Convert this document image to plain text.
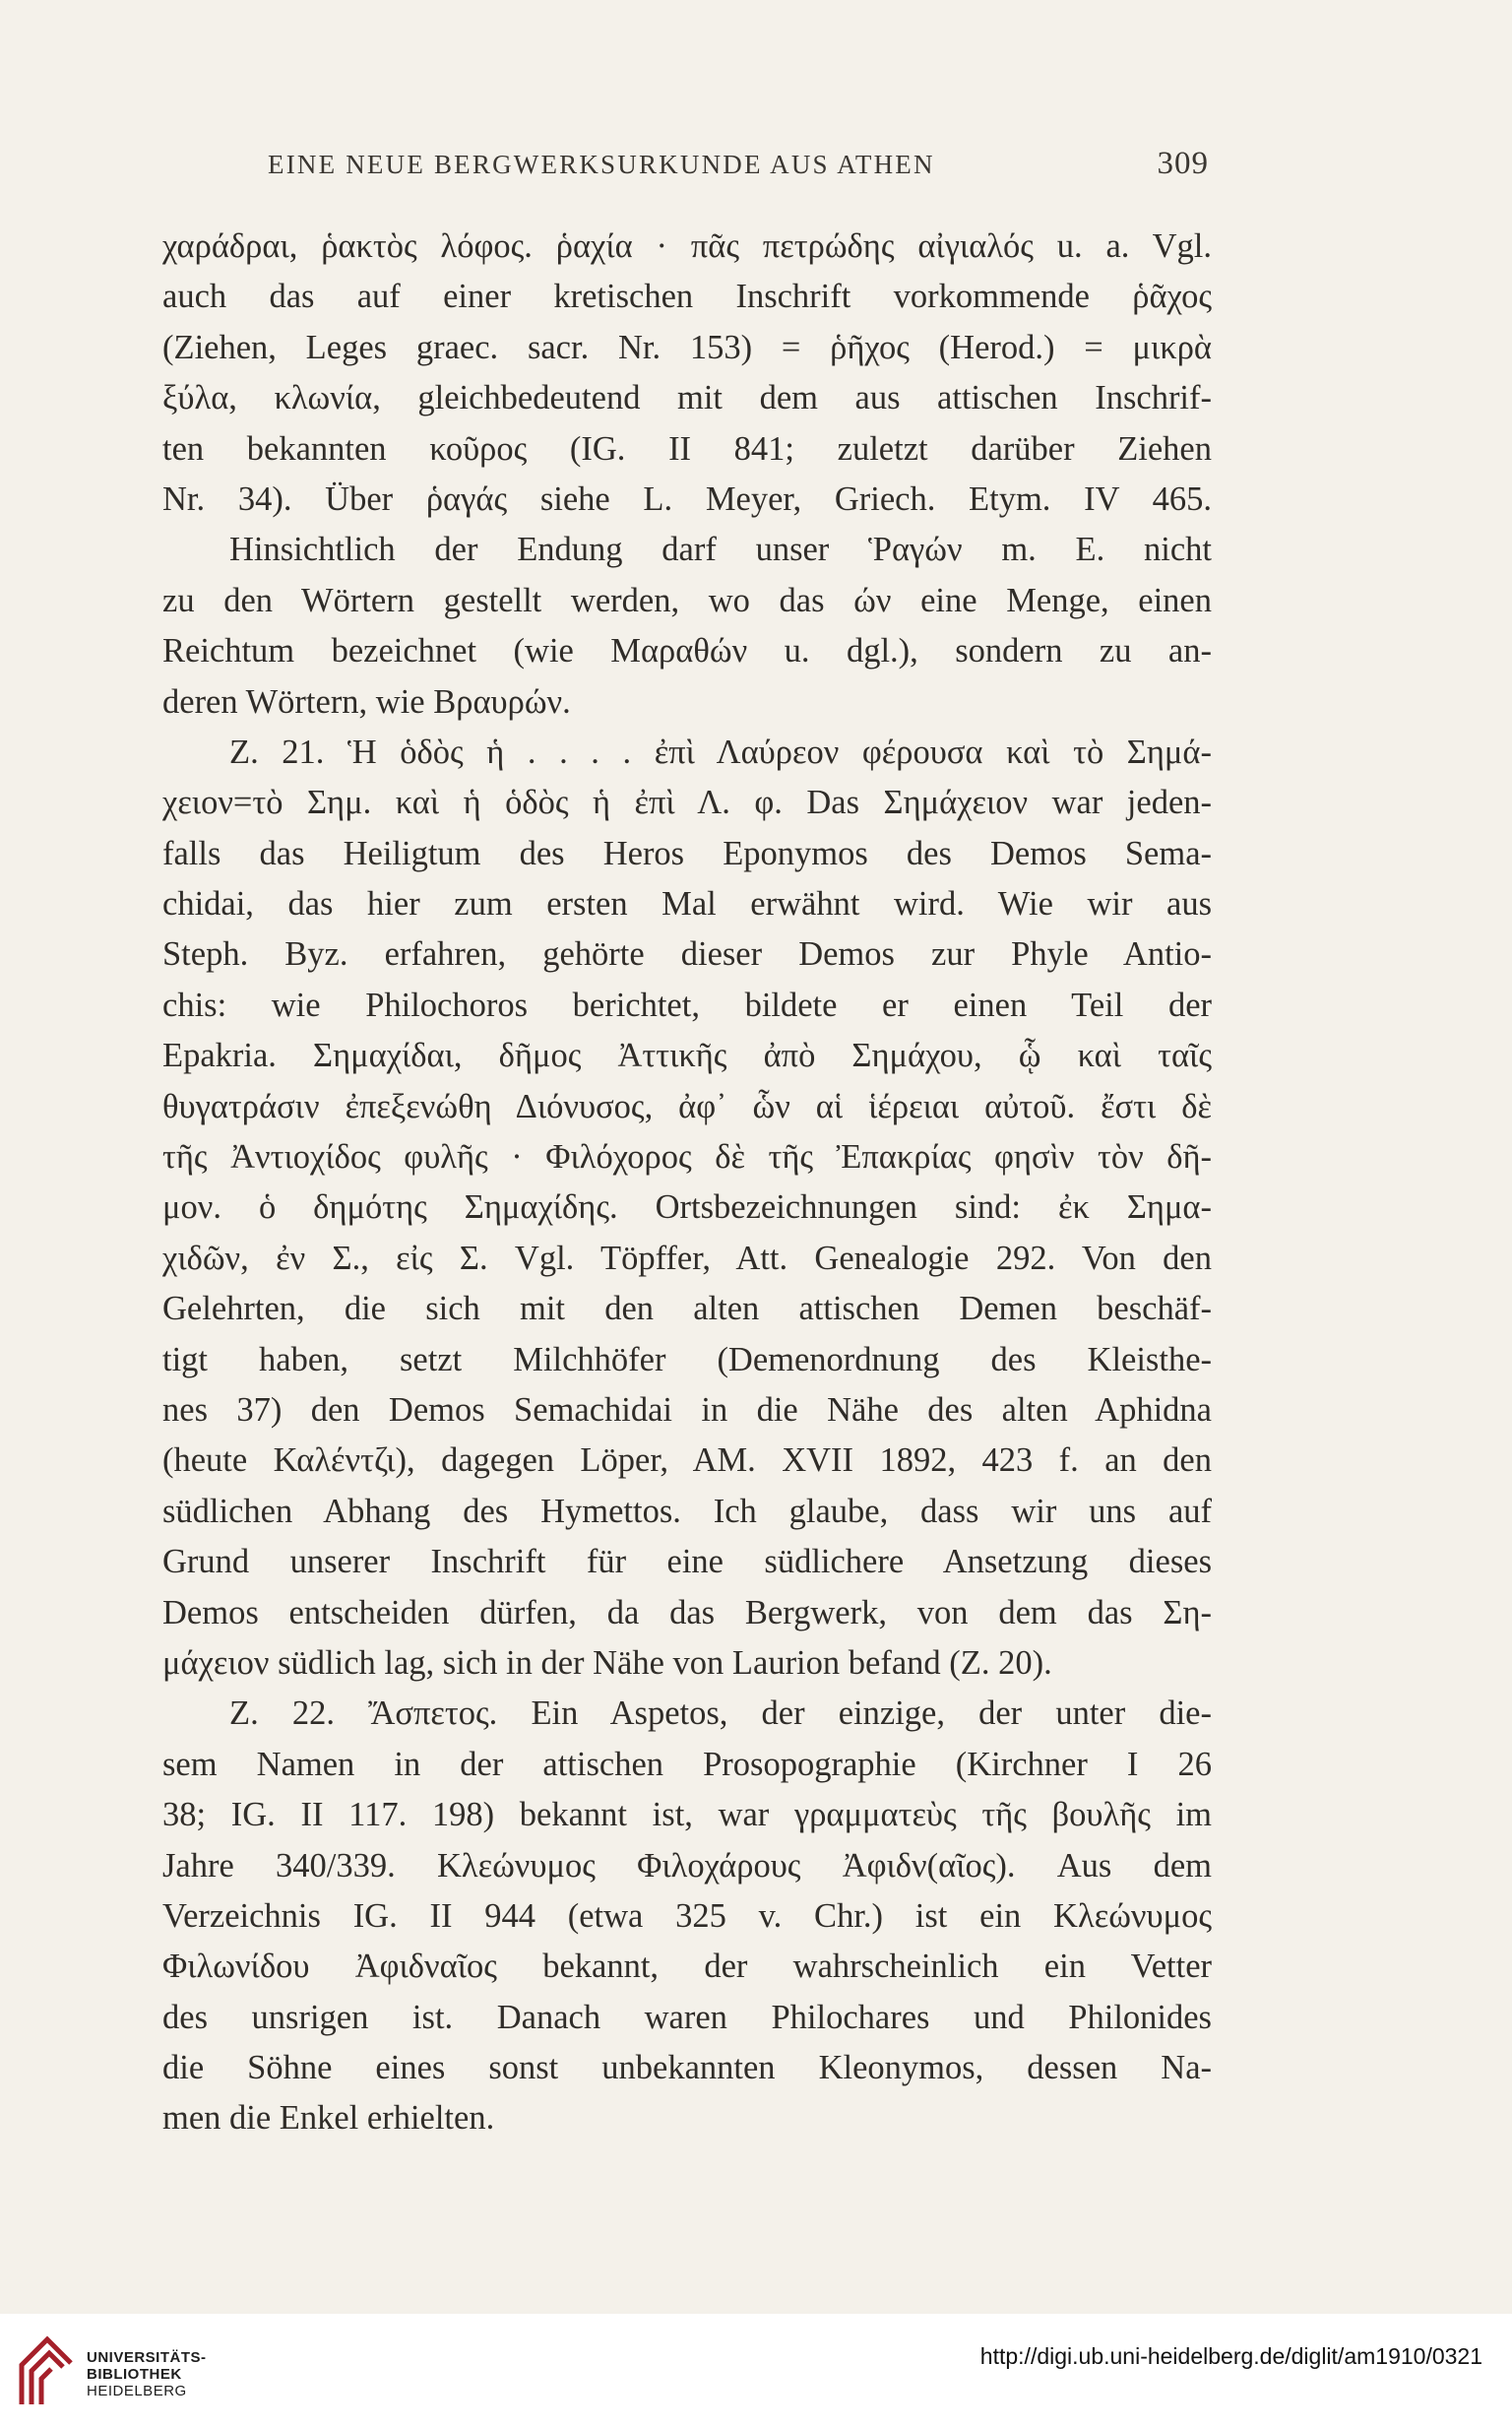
EINE NEUE BERGWERKSURKUNDE AUS ATHEN	309
χαράδραι, ῥακτὸς λόφος. ῥαχία · πᾶς πετρώδης αἰγιαλός u. a. Vgl.
auch das auf einer kretischen Inschrift vorkommende ῥᾶχος
(Ziehen, Leges graec. sacr. Nr. 153) = ῥῆχος (Herod.) = μικρὰ
ξύλα, κλωνία, gleichbedeutend mit dem aus attischen Inschrif-
ten bekannten κοῦρος (IG. II 841; zuletzt darüber Ziehen
Nr. 34). Über ῥαγάς siehe L. Meyer, Griech. Etym. IV 465.
Hinsichtlich der Endung darf unser Ῥαγών m. E. nicht
zu den Wörtern gestellt werden, wo das ών eine Menge, einen
Reichtum bezeichnet (wie Μαραθών u. dgl.), sondern zu an-
deren Wörtern, wie Βραυρών.
Z. 21. Ἡ ὁδὸς ἡ . . . . ἐπὶ Λαύρεον φέρουσα καὶ τὸ Σημά-
χειον=τὸ Σημ. καὶ ἡ ὁδὸς ἡ ἐπὶ Λ. φ. Das Σημάχειον war jeden-
falls das Heiligtum des Heros Eponymos des Demos Sema-
chidai, das hier zum ersten Mal erwähnt wird. Wie wir aus
Steph. Byz. erfahren, gehörte dieser Demos zur Phyle Antio-
chis: wie Philochoros berichtet, bildete er einen Teil der
Epakria. Σημαχίδαι, δῆμος Ἀττικῆς ἀπὸ Σημάχου, ᾧ καὶ ταῖς
θυγατράσιν ἐπεξενώθη Διόνυσος, ἀφ᾽ ὧν αἱ ἱέρειαι αὐτοῦ. ἔστι δὲ
τῆς Ἀντιοχίδος φυλῆς · Φιλόχορος δὲ τῆς Ἐπακρίας φησὶν τὸν δῆ-
μον. ὁ δημότης Σημαχίδης. Ortsbezeichnungen sind: ἐκ Σημα-
χιδῶν, ἐν Σ., εἰς Σ. Vgl. Töpffer, Att. Genealogie 292. Von den
Gelehrten, die sich mit den alten attischen Demen beschäf-
tigt haben, setzt Milchhöfer (Demenordnung des Kleisthe-
nes 37) den Demos Semachidai in die Nähe des alten Aphidna
(heute Καλέντζι), dagegen Löper, AM. XVII 1892, 423 f. an den
südlichen Abhang des Hymettos. Ich glaube, dass wir uns auf
Grund unserer Inschrift für eine südlichere Ansetzung dieses
Demos entscheiden dürfen, da das Bergwerk, von dem das Ση-
μάχειον südlich lag, sich in der Nähe von Laurion befand (Z. 20).
Z. 22. Ἄσπετος. Ein Aspetos, der einzige, der unter die-
sem Namen in der attischen Prosopographie (Kirchner I 26
38; IG. II 117. 198) bekannt ist, war γραμματεὺς τῆς βουλῆς im
Jahre 340/339. Κλεώνυμος Φιλοχάρους Ἀφιδν(αῖος). Aus dem
Verzeichnis IG. II 944 (etwa 325 v. Chr.) ist ein Κλεώνυμος
Φιλωνίδου Ἀφιδναῖος bekannt, der wahrscheinlich ein Vetter
des unsrigen ist. Danach waren Philochares und Philonides
die Söhne eines sonst unbekannten Kleonymos, dessen Na-
men die Enkel erhielten.
UNIVERSITÄTS-
BIBLIOTHEK
HEIDELBERG
http://digi.ub.uni-heidelberg.de/diglit/am1910/0321
